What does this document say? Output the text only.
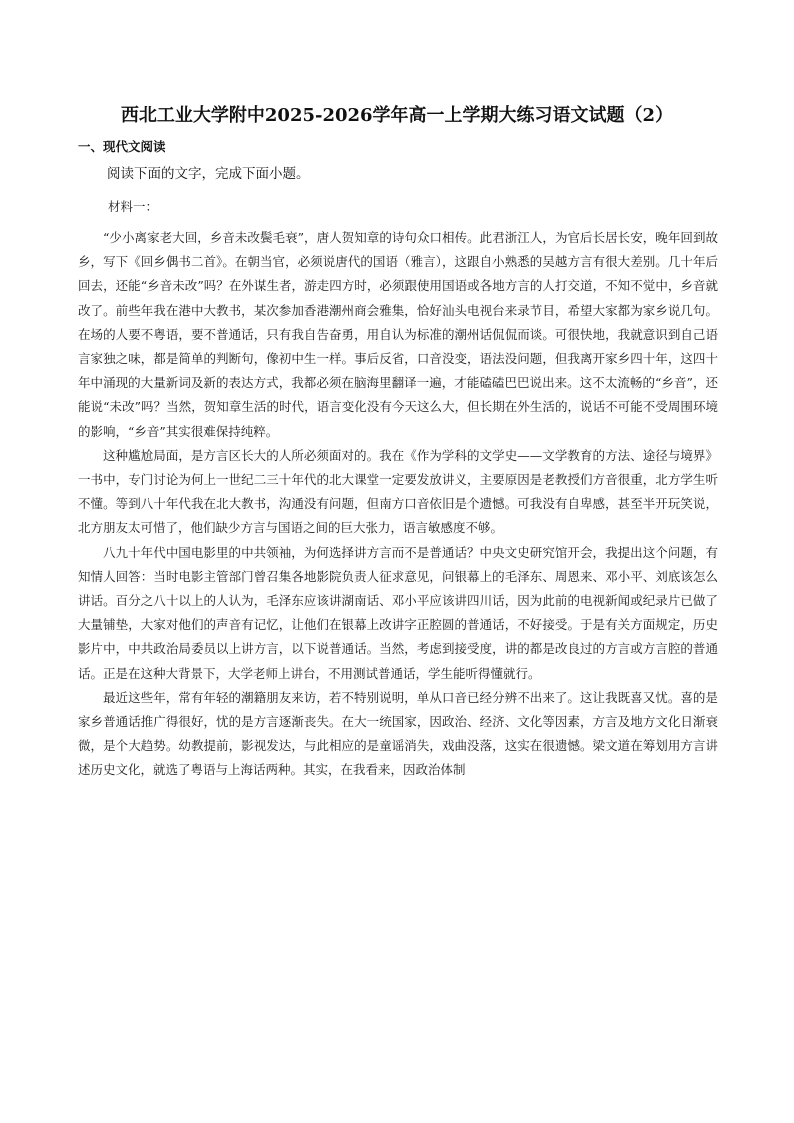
西北工业大学附中2025-2026学年高一上学期大练习语文试题（2）
一、现代文阅读
阅读下面的文字，完成下面小题。
材料一：

“少小离家老大回，乡音未改鬓毛衰”，唐人贺知章的诗句众口相传。此君浙江人，为官后长居长安，晚年回到故乡，写下《回乡偶书二首》。在朝当官，必须说唐代的国语（雅言），这跟自小熟悉的吴越方言有很大差别。几十年后回去，还能“乡音未改”吗？在外谋生者，游走四方时，必须跟使用国语或各地方言的人打交道，不知不觉中，乡音就改了。前些年我在港中大教书，某次参加香港潮州商会雅集，恰好汕头电视台来录节目，希望大家都为家乡说几句。在场的人要不粤语，要不普通话，只有我自告奋勇，用自认为标准的潮州话侃侃而谈。可很快地，我就意识到自己语言家独之味，都是简单的判断句，像初中生一样。事后反省，口音没变，语法没问题，但我离开家乡四十年，这四十年中涌现的大量新词及新的表达方式，我都必须在脑海里翻译一遍，才能磕磕巴巴说出来。这不太流畅的“乡音”，还能说“未改”吗？当然，贺知章生活的时代，语言变化没有今天这么大，但长期在外生活的，说话不可能不受周围环境的影响，“乡音”其实很难保持纯粹。

这种尴尬局面，是方言区长大的人所必须面对的。我在《作为学科的文学史——文学教育的方法、途径与境界》一书中，专门讨论为何上一世纪二三十年代的北大课堂一定要发放讲义，主要原因是老教授们方音很重，北方学生听不懂。等到八十年代我在北大教书，沟通没有问题，但南方口音依旧是个遗憾。可我没有自卑感，甚至半开玩笑说，北方朋友太可惜了，他们缺少方言与国语之间的巨大张力，语言敏感度不够。

八九十年代中国电影里的中共领袖，为何选择讲方言而不是普通话？中央文史研究馆开会，我提出这个问题，有知情人回答：当时电影主管部门曾召集各地影院负责人征求意见，问银幕上的毛泽东、周恩来、邓小平、刘底该怎么讲话。百分之八十以上的人认为，毛泽东应该讲湖南话、邓小平应该讲四川话，因为此前的电视新闻或纪录片已做了大量铺垫，大家对他们的声音有记忆，让他们在银幕上改讲字正腔圆的普通话，不好接受。于是有关方面规定，历史影片中，中共政治局委员以上讲方言，以下说普通话。当然，考虑到接受度，讲的都是改良过的方言或方言腔的普通话。正是在这种大背景下，大学老师上讲台，不用测试普通话，学生能听得懂就行。

最近这些年，常有年轻的潮籍朋友来访，若不特别说明，单从口音已经分辨不出来了。这让我既喜又忧。喜的是家乡普通话推广得很好，忧的是方言逐渐丧失。在大一统国家，因政治、经济、文化等因素，方言及地方文化日渐衰微，是个大趋势。幼教提前，影视发达，与此相应的是童谣消失，戏曲没落，这实在很遗憾。梁文道在筹划用方言讲述历史文化，就选了粤语与上海话两种。其实，在我看来，因政治体制
